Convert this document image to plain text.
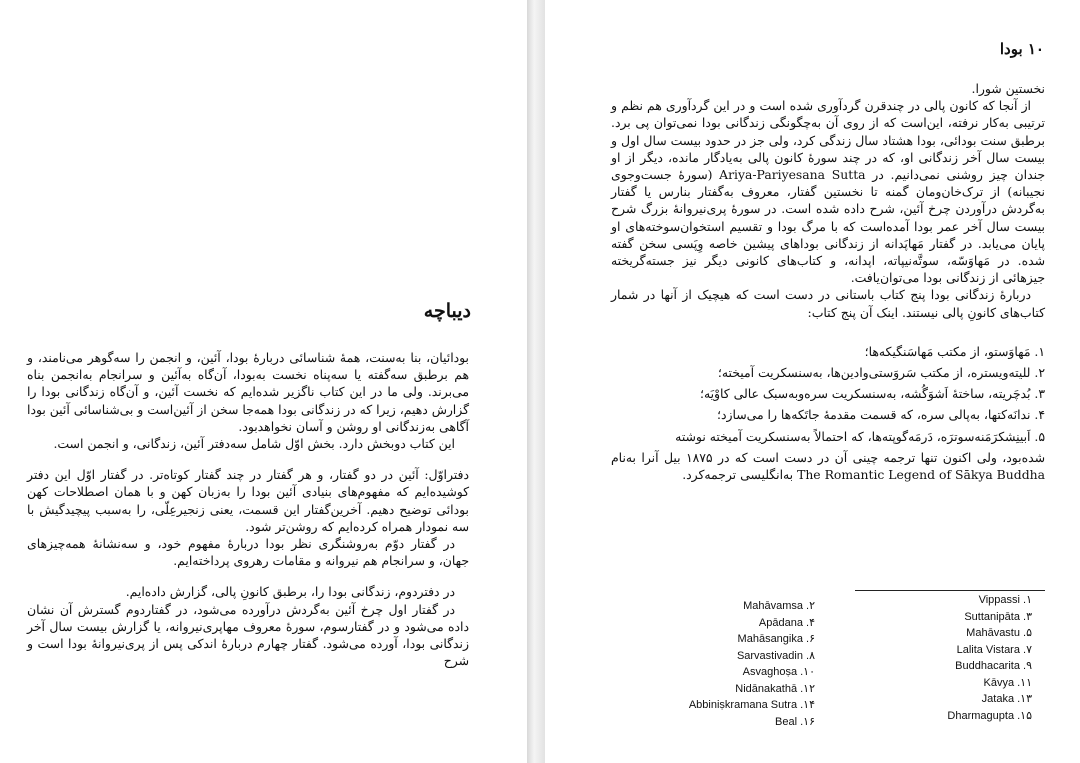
دیباچه

بودائیان، بنا به‌سنت، همهٔ شناسائی دربارهٔ بودا، آئین، و انجمن را سه‌گوهر می‌نامند، و هم برطبق سه‌گفته یا سه‌پناه نخست به‌بودا، آن‌گاه به‌آئین و سرانجام به‌انجمن بناه می‌برند. ولی ما در این کتاب ناگزیر شده‌ایم که نخست آئین، و آن‌گاه زندگانی بودا را گزارش دهیم، زیرا که در زندگانی بودا همه‌جا سخن از آئین‌است و بی‌شناسائی آئین بودا آگاهی به‌زندگانی او روشن و آسان نخواهدبود.

این کتاب دوبخش دارد. بخش اوّل شامل سه‌دفتر آئین، زندگانی، و انجمن است.

دفتراوّل: آئین در دو گفتار، و هر گفتار در چند گفتار کوتاه‌تر. در گفتار اوّل این دفتر کوشیده‌ایم که مفهوم‌های بنیادی آئین بودا را به‌زبان کهن و با همان اصطلاحات کهن بودائی توضیح دهیم. آخرین‌گفتار این قسمت، یعنی زنجیرعِلّی، را به‌سبب پیچیدگیش با سه نمودار همراه کرده‌ایم که روشن‌تر شود.

در گفتار دوّم به‌روشنگری نظر بودا دربارهٔ مفهوم خود، و سه‌نشانهٔ همه‌چیزهای جهان، و سرانجام هم نیروانه و مقامات رهروی پرداخته‌ایم.

در دفتردوم، زندگانی بودا را، برطبق کانونِ پالی، گزارش داده‌ایم.

در گفتار اول چرخ آئین به‌گردش درآورده می‌شود، در گفتاردوم گسترش آن نشان داده می‌شود و در گفتارسوم، سورهٔ معروف مهاپری‌نیروانه، یا گزارش بیست سال آخر زندگانی بودا، آورده می‌شود. گفتار چهارم دربارهٔ اندکی پس از پری‌نیروانهٔ بودا است و شرح

۱۰ بودا

نخستین شورا.

از آنجا که کانون پالی در چندقرن گردآوری شده است و در این گردآوری هم نظم و ترتیبی به‌کار نرفته، این‌است که از روی آن به‌چگونگی زندگانی بودا نمی‌توان پی برد. برطبق سنت بودائی، بودا هشتاد سال زندگی کرد، ولی جز در حدود بیست سال اول و بیست سال آخر زندگانی او، که در چند سورهٔ کانون پالی به‌یادگار مانده، دیگر از او جندان چیز روشنی نمی‌دانیم. در Ariya-Pariyesana Sutta (سورهٔ جست‌وجوی نجیبانه) از ترک‌خان‌ومان گمنه تا نخستین گفتار، معروف به‌گفتار بنارس یا گفتار به‌گردش درآوردن چرخ آئین، شرح داده شده است. در سورهٔ پری‌نیروانهٔ بزرگ شرح بیست سال آخر عمر بودا آمده‌است که با مرگ بودا و تقسیم استخوان‌سوخته‌های او پایان می‌یابد. در گفتار مَهاپَدانه از زندگانی بوداهای پیشین خاصه وِپَسی سخن گفته شده. در مَهاوَسّه، سوتَّه‌نیپاته، اپدانه، و کتاب‌های کانونی دیگر نیز جسته‌گریخته جیزهائی از زندگانی بودا می‌توان‌یافت.

دربارهٔ زندگانی بودا پنج کتاب باستانی در دست است که هیچیک از آنها در شمار کتاب‌های کانونِ پالی نیستند. اینک آن پنج کتاب:

۱. مَهاوَستو، از مکتب مَهاسَنگیکه‌ها؛

۲. للیته‌ویستره، از مکتب سَروَستی‌وادین‌ها، به‌سنسکریت آمیخته؛

۳. بُدچَریته، ساختهٔ اَشوَگُشه، به‌سنسکریت سره‌وبه‌سبک عالی کاوْیَه؛

۴. ندانَه‌کتها، به‌پالی سره، که قسمت مقدمهٔ جاتَکه‌ها را می‌سازد؛

۵. اَبینِشکرَمَنه‌سوترَه، دَرمَه‌گوپته‌ها، که احتمالاً به‌سنسکریت آمیخته نوشته

شده‌بود، ولی اکنون تنها ترجمه چینی آن در دست است که در ۱۸۷۵ بیل آنرا به‌نام The Romantic Legend of Sākya Buddha به‌انگلیسی ترجمه‌کرد.

Mahāvamsa .۲
Apādana .۴
Mahāsangika .۶
Sarvastivadin .۸
Asvaghoṣa .۱۰
Nidānakathā .۱۲
Abbiniṣkramana Sutra .۱۴
Beal .۱۶
Vippassi .۱
Suttanipāta .۳
Mahāvastu .۵
Lalita Vistara .۷
Buddhacarita .۹
Kāvya .۱۱
Jataka .۱۳
Dharmagupta .۱۵
